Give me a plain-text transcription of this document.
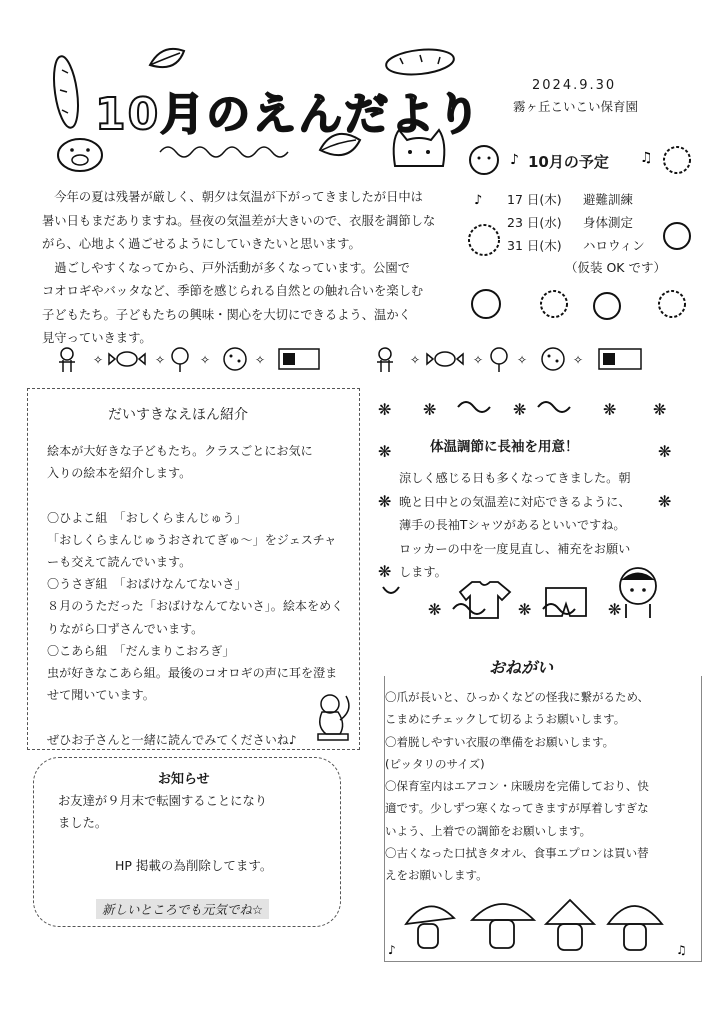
10月のえんだより
2024.9.30
霧ヶ丘こいこい保育園

今年の夏は残暑が厳しく、朝夕は気温が下がってきましたが日中は

暑い日もまだありますね。昼夜の気温差が大きいので、衣服を調節しな

がら、心地よく過ごせるようにしていきたいと思います。

　過ごしやすくなってから、戸外活動が多くなっています。公園で

コオロギやバッタなど、季節を感じられる自然との触れ合いを楽しむ

子どもたち。子どもたちの興味・関心を大切にできるよう、温かく

見守っていきます。

♪	♫
♪
10月の予定
17 日(木)	避難訓練
23 日(水)	身体測定
31 日(木)	ハロウィン
（仮装 OK です）
✧	✧	✧	✧	✧	✧	✧	✧
だいすきなえほん紹介

絵本が大好きな子どもたち。クラスごとにお気に

入りの絵本を紹介します。

〇ひよこ組　「おしくらまんじゅう」

「おしくらまんじゅうおされてぎゅ〜」をジェスチャ

ーも交えて読んでいます。

〇うさぎ組　「おばけなんてないさ」

８月のうただった「おばけなんてないさ」。絵本をめく

りながら口ずさんでいます。

〇こあら組　「だんまりこおろぎ」

虫が好きなこあら組。最後のコオロギの声に耳を澄ま

せて聞いています。

ぜひお子さんと一緒に読んでみてくださいね♪

お知らせ

お友達が９月末で転園することになり

ました。

HP 掲載の為削除してます。
新しいところでも元気でね☆
❋ ❋	❋	❋ ❋
❋	❋
❋	❋
❋
❋	❋	❋
体温調節に長袖を用意！

涼しく感じる日も多くなってきました。朝

晩と日中との気温差に対応できるように、

薄手の長袖Tシャツがあるといいですね。

ロッカーの中を一度見直し、補充をお願い

します。

おねがい

〇爪が長いと、ひっかくなどの怪我に繋がるため、

こまめにチェックして切るようお願いします。

〇着脱しやすい衣服の準備をお願いします。

(ピッタリのサイズ)

〇保育室内はエアコン・床暖房を完備しており、快

適です。少しずつ寒くなってきますが厚着しすぎな

いよう、上着での調節をお願いします。

〇古くなった口拭きタオル、食事エプロンは買い替

えをお願いします。

♪	♫
